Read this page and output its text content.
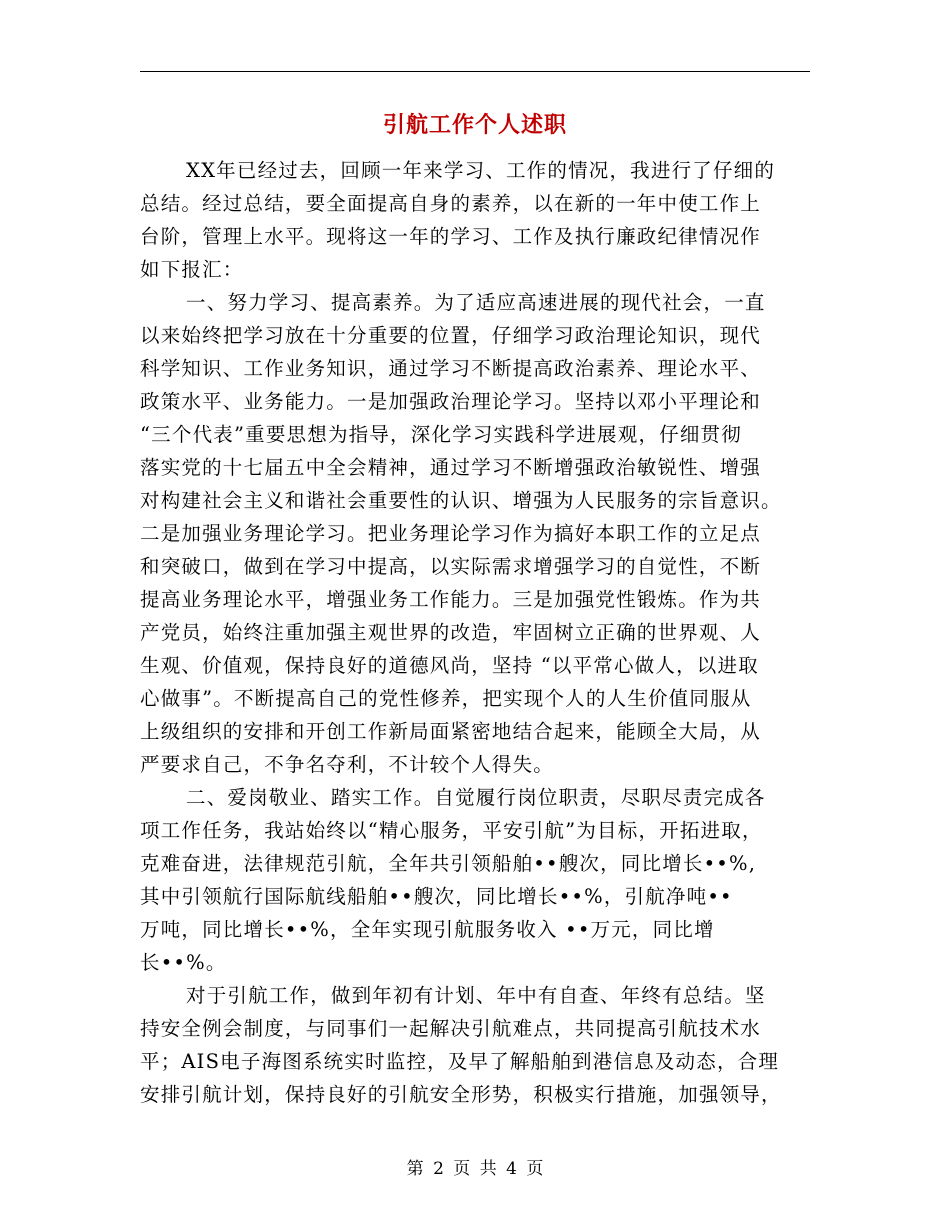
引航工作个人述职
XX年已经过去，回顾一年来学习、工作的情况，我进行了仔细的
总结。经过总结，要全面提高自身的素养，以在新的一年中使工作上
台阶，管理上水平。现将这一年的学习、工作及执行廉政纪律情况作
如下报汇：
一、努力学习、提高素养。为了适应高速进展的现代社会，一直
以来始终把学习放在十分重要的位置，仔细学习政治理论知识，现代
科学知识、工作业务知识，通过学习不断提高政治素养、理论水平、
政策水平、业务能力。一是加强政治理论学习。坚持以邓小平理论和
“三个代表”重要思想为指导，深化学习实践科学进展观，仔细贯彻
落实党的十七届五中全会精神，通过学习不断增强政治敏锐性、增强
对构建社会主义和谐社会重要性的认识、增强为人民服务的宗旨意识。
二是加强业务理论学习。把业务理论学习作为搞好本职工作的立足点
和突破口，做到在学习中提高，以实际需求增强学习的自觉性，不断
提高业务理论水平，增强业务工作能力。三是加强党性锻炼。作为共
产党员，始终注重加强主观世界的改造，牢固树立正确的世界观、人
生观、价值观，保持良好的道德风尚，坚持 “以平常心做人，以进取
心做事”。不断提高自己的党性修养，把实现个人的人生价值同服从
上级组织的安排和开创工作新局面紧密地结合起来，能顾全大局，从
严要求自己，不争名夺利，不计较个人得失。
二、爱岗敬业、踏实工作。自觉履行岗位职责，尽职尽责完成各
项工作任务，我站始终以“精心服务，平安引航”为目标，开拓进取，
克难奋进，法律规范引航，全年共引领船舶••艘次，同比增长••%,
其中引领航行国际航线船舶••艘次，同比增长••%，引航净吨••
万吨，同比增长••%，全年实现引航服务收入 ••万元，同比增
长••%。
对于引航工作，做到年初有计划、年中有自查、年终有总结。坚
持安全例会制度，与同事们一起解决引航难点，共同提高引航技术水
平；AIS电子海图系统实时监控，及早了解船舶到港信息及动态，合理
安排引航计划，保持良好的引航安全形势，积极实行措施，加强领导，
第 2 页 共 4 页
